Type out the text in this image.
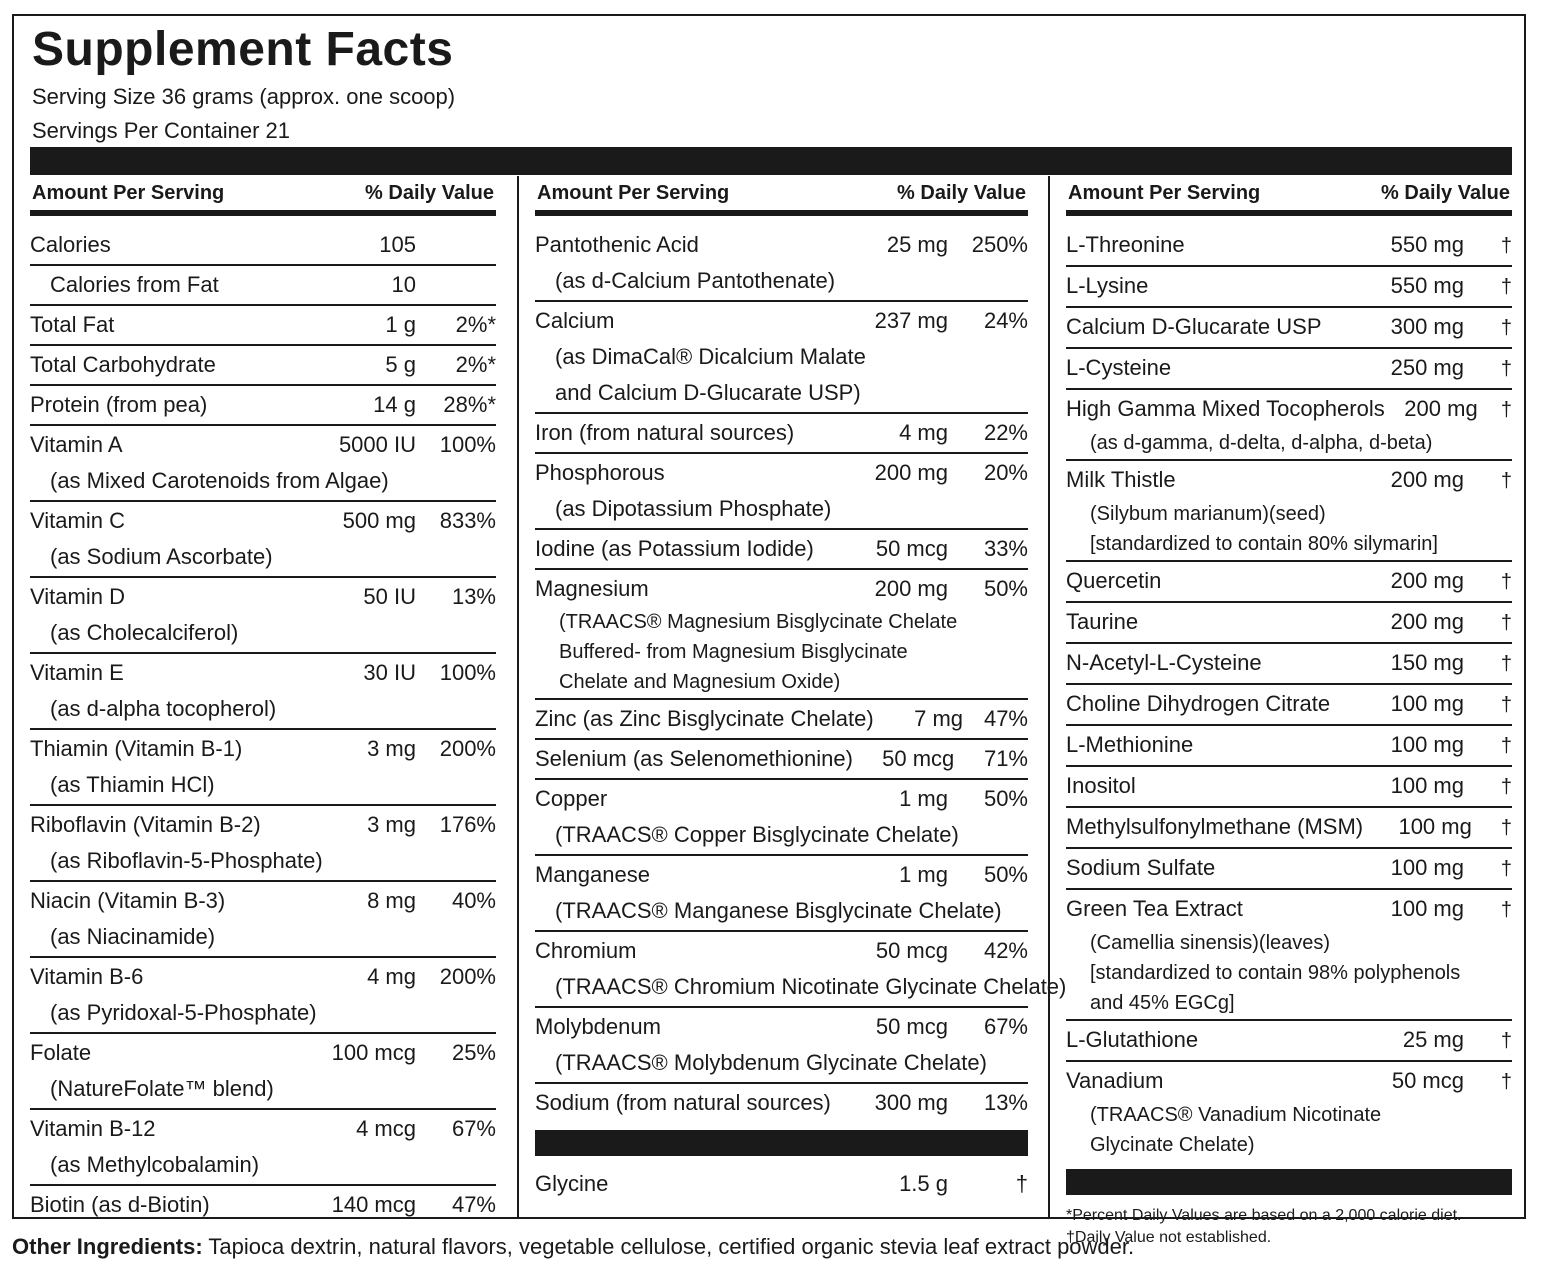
Supplement Facts
Serving Size 36 grams (approx. one scoop)
Servings Per Container 21
Amount Per Serving	% Daily Value
Calories	105
Calories from Fat	10
Total Fat	1 g	2%*
Total Carbohydrate	5 g	2%*
Protein (from pea)	14 g	28%*
Vitamin A	5000 IU	100%
(as Mixed Carotenoids from Algae)
Vitamin C	500 mg	833%
(as Sodium Ascorbate)
Vitamin D	50 IU	13%
(as Cholecalciferol)
Vitamin E	30 IU	100%
(as d-alpha tocopherol)
Thiamin (Vitamin B-1)	3 mg	200%
(as Thiamin HCl)
Riboflavin (Vitamin B-2)	3 mg	176%
(as Riboflavin-5-Phosphate)
Niacin (Vitamin B-3)	8 mg	40%
(as Niacinamide)
Vitamin B-6	4 mg	200%
(as Pyridoxal-5-Phosphate)
Folate	100 mcg	25%
(NatureFolate™ blend)
Vitamin B-12	4 mcg	67%
(as Methylcobalamin)
Biotin (as d-Biotin)	140 mcg	47%
Amount Per Serving	% Daily Value
Pantothenic Acid	25 mg	250%
(as d-Calcium Pantothenate)
Calcium	237 mg	24%
(as DimaCal® Dicalcium Malate
and Calcium D-Glucarate USP)
Iron (from natural sources)	4 mg	22%
Phosphorous	200 mg	20%
(as Dipotassium Phosphate)
Iodine (as Potassium Iodide)	50 mcg	33%
Magnesium	200 mg	50%
(TRAACS® Magnesium Bisglycinate Chelate
Buffered- from Magnesium Bisglycinate
Chelate and Magnesium Oxide)
Zinc (as Zinc Bisglycinate Chelate)	7 mg 47%
Selenium (as Selenomethionine)	50 mcg	71%
Copper	1 mg	50%
(TRAACS® Copper Bisglycinate Chelate)
Manganese	1 mg	50%
(TRAACS® Manganese Bisglycinate Chelate)
Chromium	50 mcg	42%
(TRAACS® Chromium Nicotinate Glycinate Chelate)
Molybdenum	50 mcg	67%
(TRAACS® Molybdenum Glycinate Chelate)
Sodium (from natural sources)	300 mg	13%
Glycine	1.5 g	†
Amount Per Serving	% Daily Value
L-Threonine	550 mg	†
L-Lysine	550 mg	†
Calcium D-Glucarate USP	300 mg	†
L-Cysteine	250 mg	†
High Gamma Mixed Tocopherols 200 mg	†
(as d-gamma, d-delta, d-alpha, d-beta)
Milk Thistle	200 mg	†
(Silybum marianum)(seed)
[standardized to contain 80% silymarin]
Quercetin	200 mg	†
Taurine	200 mg	†
N-Acetyl-L-Cysteine	150 mg	†
Choline Dihydrogen Citrate	100 mg	†
L-Methionine	100 mg	†
Inositol	100 mg	†
Methylsulfonylmethane (MSM)	100 mg	†
Sodium Sulfate	100 mg	†
Green Tea Extract	100 mg	†
(Camellia sinensis)(leaves)
[standardized to contain 98% polyphenols
and 45% EGCg]
L-Glutathione	25 mg	†
Vanadium	50 mcg	†
(TRAACS® Vanadium Nicotinate
Glycinate Chelate)
*Percent Daily Values are based on a 2,000 calorie diet.
†Daily Value not established.
Other Ingredients: Tapioca dextrin, natural flavors, vegetable cellulose, certified organic stevia leaf extract powder.
